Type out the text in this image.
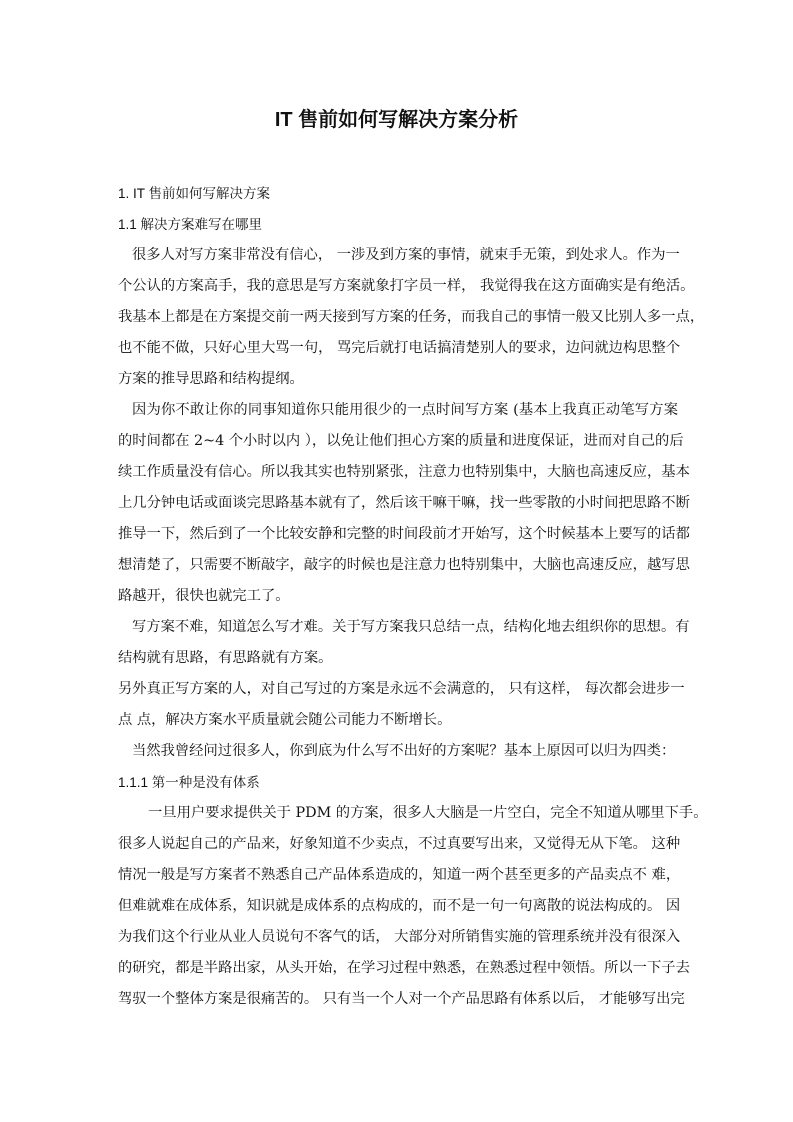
IT 售前如何写解决方案分析
1. IT 售前如何写解决方案
1.1 解决方案难写在哪里
很多人对写方案非常没有信心， 一涉及到方案的事情，就束手无策，到处求人。作为一
个公认的方案高手，我的意思是写方案就象打字员一样， 我觉得我在这方面确实是有绝活。
我基本上都是在方案提交前一两天接到写方案的任务，而我自己的事情一般又比别人多一点，
也不能不做，只好心里大骂一句， 骂完后就打电话搞清楚别人的要求，边问就边构思整个
方案的推导思路和结构提纲。
因为你不敢让你的同事知道你只能用很少的一点时间写方案 (基本上我真正动笔写方案
的时间都在 2~4 个小时以内 ），以免让他们担心方案的质量和进度保证，进而对自己的后
续工作质量没有信心。所以我其实也特别紧张，注意力也特别集中，大脑也高速反应，基本
上几分钟电话或面谈完思路基本就有了，然后该干嘛干嘛，找一些零散的小时间把思路不断
推导一下，然后到了一个比较安静和完整的时间段前才开始写，这个时候基本上要写的话都
想清楚了，只需要不断敲字，敲字的时候也是注意力也特别集中，大脑也高速反应，越写思
路越开，很快也就完工了。
写方案不难，知道怎么写才难。关于写方案我只总结一点，结构化地去组织你的思想。有
结构就有思路，有思路就有方案。
另外真正写方案的人，对自己写过的方案是永远不会满意的， 只有这样， 每次都会进步一
点 点，解决方案水平质量就会随公司能力不断增长。
当然我曾经问过很多人，你到底为什么写不出好的方案呢？基本上原因可以归为四类：
1.1.1 第一种是没有体系
一旦用户要求提供关于 PDM 的方案，很多人大脑是一片空白，完全不知道从哪里下手。
很多人说起自己的产品来，好象知道不少卖点，不过真要写出来，又觉得无从下笔。 这种
情况一般是写方案者不熟悉自己产品体系造成的，知道一两个甚至更多的产品卖点不 难，
但难就难在成体系，知识就是成体系的点构成的，而不是一句一句离散的说法构成的。 因
为我们这个行业从业人员说句不客气的话， 大部分对所销售实施的管理系统并没有很深入
的研究，都是半路出家，从头开始，在学习过程中熟悉，在熟悉过程中领悟。所以一下子去
驾驭一个整体方案是很痛苦的。 只有当一个人对一个产品思路有体系以后， 才能够写出完
